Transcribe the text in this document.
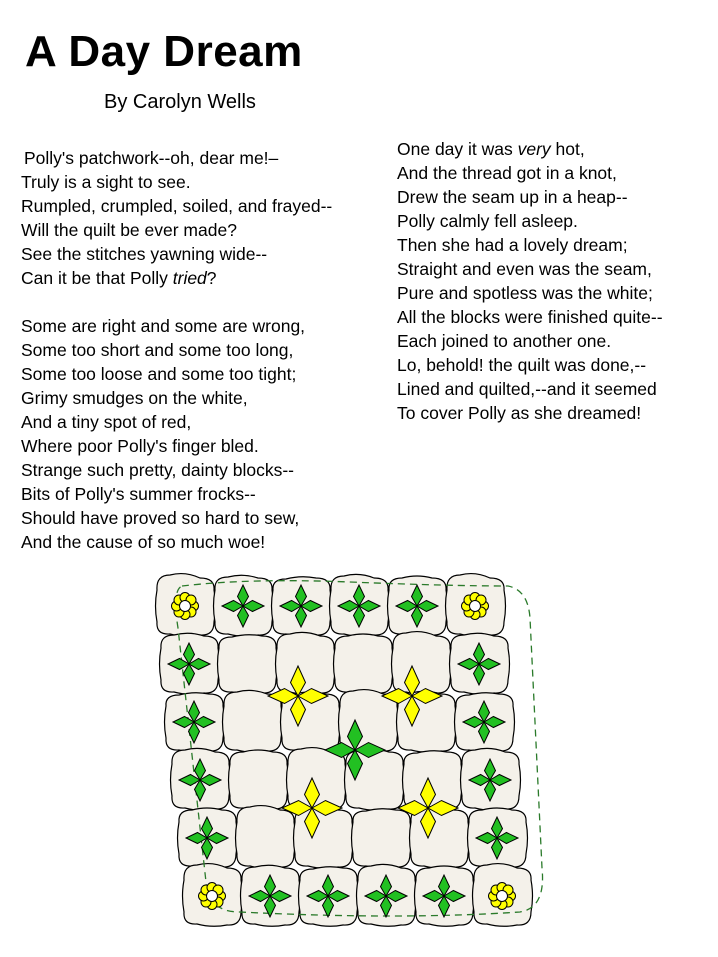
A Day Dream
By Carolyn Wells
Polly's patchwork--oh, dear me!–
Truly is a sight to see.
Rumpled, crumpled, soiled, and frayed--
Will the quilt be ever made?
See the stitches yawning wide--
Can it be that Polly tried?
Some are right and some are wrong,
Some too short and some too long,
Some too loose and some too tight;
Grimy smudges on the white,
And a tiny spot of red,
Where poor Polly's finger bled.
Strange such pretty, dainty blocks--
Bits of Polly's summer frocks--
Should have proved so hard to sew,
And the cause of so much woe!
One day it was very hot,
And the thread got in a knot,
Drew the seam up in a heap--
Polly calmly fell asleep.
Then she had a lovely dream;
Straight and even was the seam,
Pure and spotless was the white;
All the blocks were finished quite--
Each joined to another one.
Lo, behold! the quilt was done,--
Lined and quilted,--and it seemed
To cover Polly as she dreamed!
